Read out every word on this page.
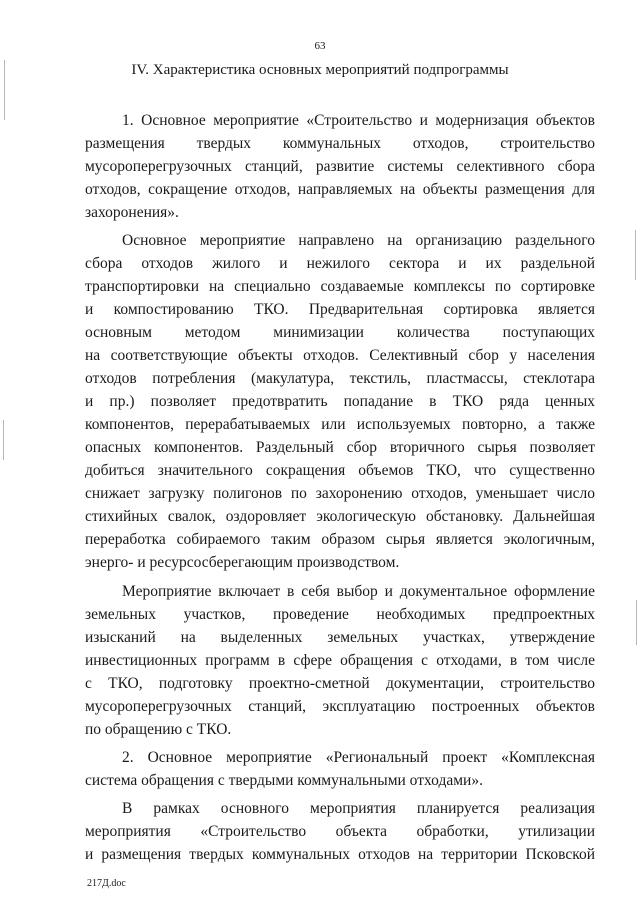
63
IV. Характеристика основных мероприятий подпрограммы
1. Основное мероприятие «Строительство и модернизация объектов
размещения твердых коммунальных отходов, строительство
мусороперегрузочных станций, развитие системы селективного сбора
отходов, сокращение отходов, направляемых на объекты размещения для
захоронения».
Основное мероприятие направлено на организацию раздельного
сбора отходов жилого и нежилого сектора и их раздельной
транспортировки на специально создаваемые комплексы по сортировке
и компостированию ТКО. Предварительная сортировка является
основным методом минимизации количества поступающих
на соответствующие объекты отходов. Селективный сбор у населения
отходов потребления (макулатура, текстиль, пластмассы, стеклотара
и пр.) позволяет предотвратить попадание в ТКО ряда ценных
компонентов, перерабатываемых или используемых повторно, а также
опасных компонентов. Раздельный сбор вторичного сырья позволяет
добиться значительного сокращения объемов ТКО, что существенно
снижает загрузку полигонов по захоронению отходов, уменьшает число
стихийных свалок, оздоровляет экологическую обстановку. Дальнейшая
переработка собираемого таким образом сырья является экологичным,
энерго- и ресурсосберегающим производством.
Мероприятие включает в себя выбор и документальное оформление
земельных участков, проведение необходимых предпроектных
изысканий на выделенных земельных участках, утверждение
инвестиционных программ в сфере обращения с отходами, в том числе
с ТКО, подготовку проектно-сметной документации, строительство
мусороперегрузочных станций, эксплуатацию построенных объектов
по обращению с ТКО.
2. Основное мероприятие «Региональный проект «Комплексная
система обращения с твердыми коммунальными отходами».
В рамках основного мероприятия планируется реализация
мероприятия «Строительство объекта обработки, утилизации
и размещения твердых коммунальных отходов на территории Псковской
217Д.doc
